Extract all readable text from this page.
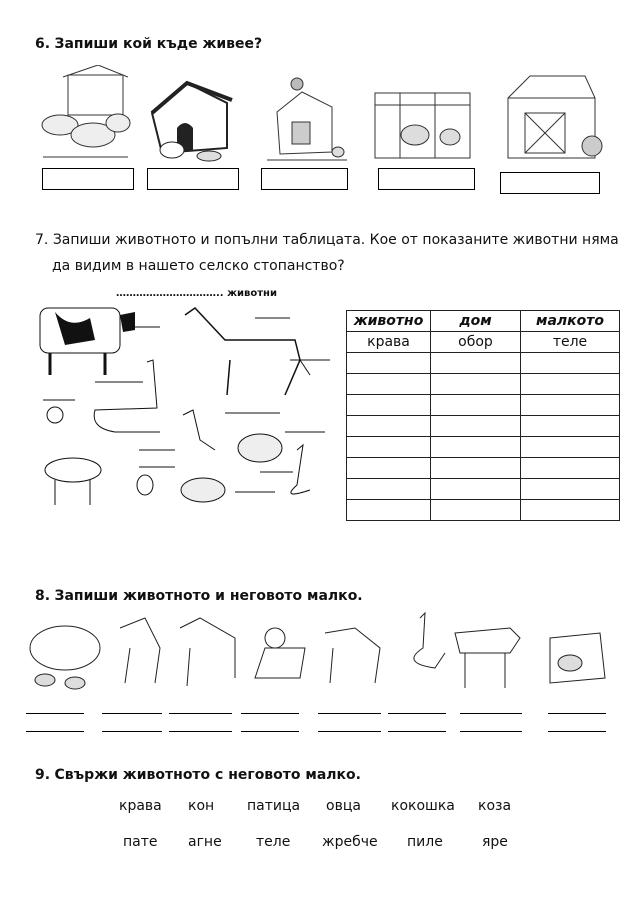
6. Запиши кой къде живее?
7. Запиши животното и попълни таблицата. Кое от показаните животни няма
да видим в нашето селско стопанство?
………………………….. животни
животно	дом	малкото
крава	обор	теле

8. Запиши животното и неговото малко.
9. Свържи животното с неговото малко.
крава кон патица овца кокошка коза
пате агне теле жребче пиле	яре
